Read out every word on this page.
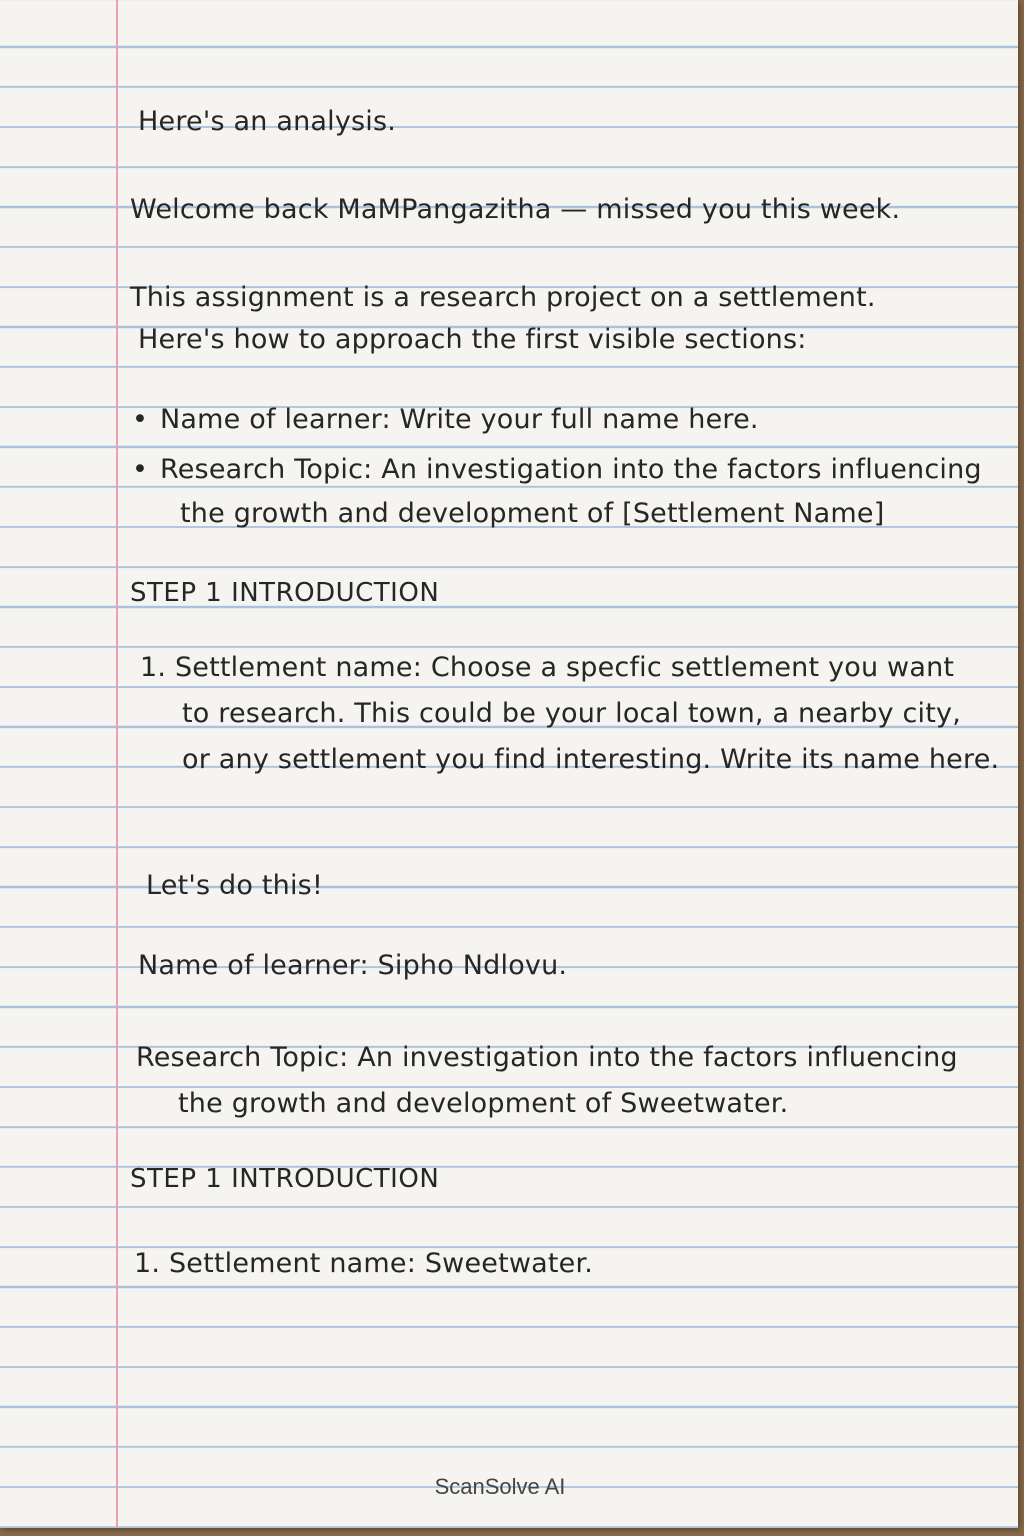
Here's an analysis.
Welcome back MaMPangazitha — missed you this week.
This assignment is a research project on a settlement.
Here's how to approach the first visible sections:
• Name of learner: Write your full name here.
• Research Topic: An investigation into the factors influencing
the growth and development of [Settlement Name]
STEP 1 INTRODUCTION
1. Settlement name: Choose a specfic settlement you want
to research. This could be your local town, a nearby city,
or any settlement you find interesting. Write its name here.
Let's do this!
Name of learner: Sipho Ndlovu.
Research Topic: An investigation into the factors influencing
the growth and development of Sweetwater.
STEP 1 INTRODUCTION
1. Settlement name: Sweetwater.
ScanSolve AI
